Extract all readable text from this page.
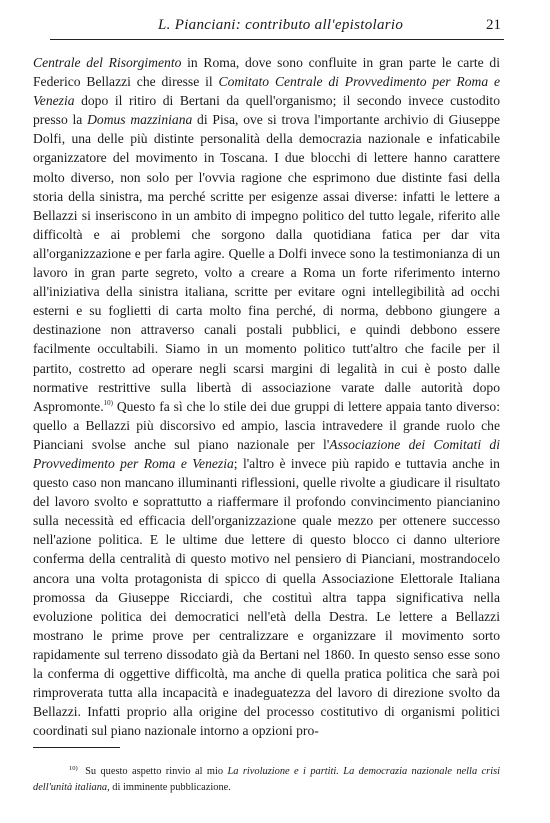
L. Pianciani: contributo all'epistolario	21

Centrale del Risorgimento in Roma, dove sono confluite in gran parte le carte di Federico Bellazzi che diresse il Comitato Centrale di Provvedimento per Roma e Venezia dopo il ritiro di Bertani da quell'organismo; il secondo invece custodito presso la Domus mazziniana di Pisa, ove si trova l'importante archivio di Giuseppe Dolfi, una delle più distinte personalità della democrazia nazionale e infaticabile organizzatore del movimento in Toscana. I due blocchi di lettere hanno carattere molto diverso, non solo per l'ovvia ragione che esprimono due distinte fasi della storia della sinistra, ma perché scritte per esigenze assai diverse: infatti le lettere a Bellazzi si inseriscono in un ambito di impegno politico del tutto legale, riferito alle difficoltà e ai problemi che sorgono dalla quotidiana fatica per dar vita all'organizzazione e per farla agire. Quelle a Dolfi invece sono la testimonianza di un lavoro in gran parte segreto, volto a creare a Roma un forte riferimento interno all'iniziativa della sinistra italiana, scritte per evitare ogni intellegibilità ad occhi esterni e su foglietti di carta molto fina perché, di norma, debbono giungere a destinazione non attraverso canali postali pubblici, e quindi debbono essere facilmente occultabili. Siamo in un momento politico tutt'altro che facile per il partito, costretto ad operare negli scarsi margini di legalità in cui è posto dalle normative restrittive sulla libertà di associazione varate dalle autorità dopo Aspromonte.$^{10)}$ Questo fa sì che lo stile dei due gruppi di lettere appaia tanto diverso: quello a Bellazzi più discorsivo ed ampio, lascia intravedere il grande ruolo che Pianciani svolse anche sul piano nazionale per l'Associazione dei Comitati di Provvedimento per Roma e Venezia; l'altro è invece più rapido e tuttavia anche in questo caso non mancano illuminanti riflessioni, quelle rivolte a giudicare il risultato del lavoro svolto e soprattutto a riaffermare il profondo convincimento piancianino sulla necessità ed efficacia dell'organizzazione quale mezzo per ottenere successo nell'azione politica. E le ultime due lettere di questo blocco ci danno ulteriore conferma della centralità di questo motivo nel pensiero di Pianciani, mostrandocelo ancora una volta protagonista di spicco di quella Associazione Elettorale Italiana promossa da Giuseppe Ricciardi, che costituì altra tappa significativa nella evoluzione politica dei democratici nell'età della Destra. Le lettere a Bellazzi mostrano le prime prove per centralizzare e organizzare il movimento sorto rapidamente sul terreno dissodato già da Bertani nel 1860. In questo senso esse sono la conferma di oggettive difficoltà, ma anche di quella pratica politica che sarà poi rimproverata tutta alla incapacità e inadeguatezza del lavoro di direzione svolto da Bellazzi. Infatti proprio alla origine del processo costitutivo di organismi politici coordinati sul piano nazionale intorno a opzioni pro-

$^{10)}$ Su questo aspetto rinvio al mio La rivoluzione e i partiti. La democrazia nazionale nella crisi dell'unità italiana, di imminente pubblicazione.
